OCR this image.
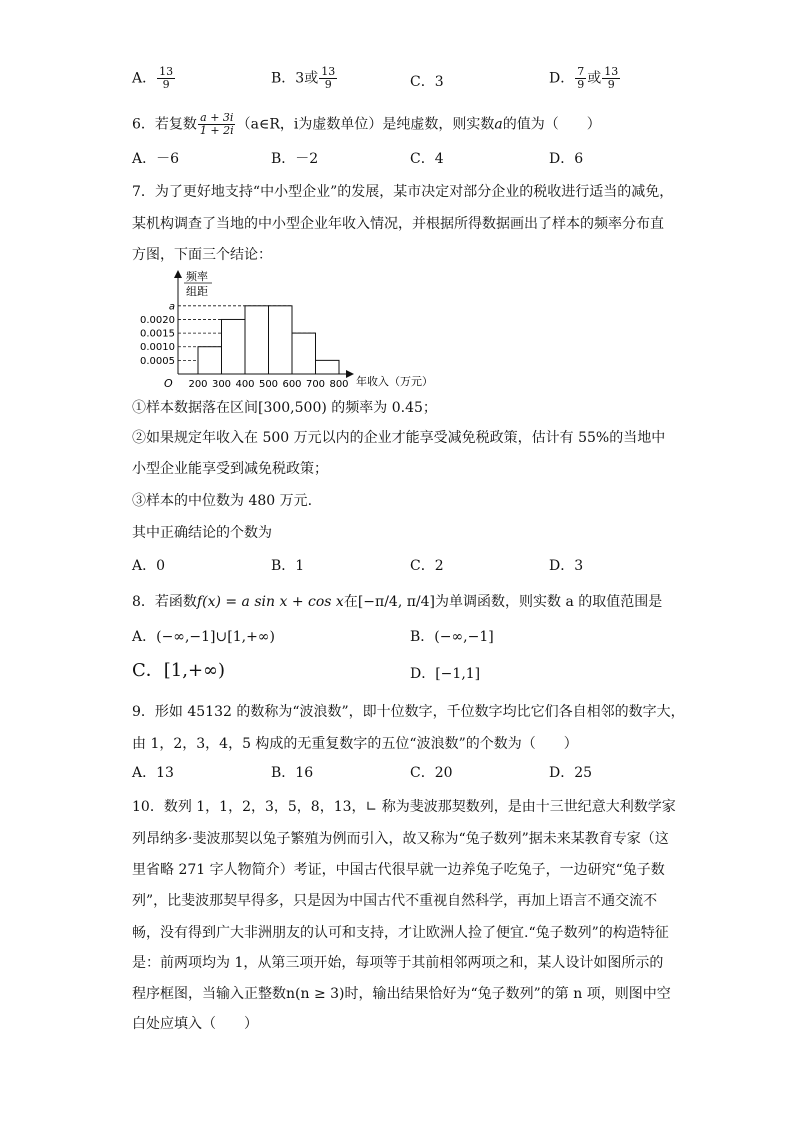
A． $\frac{13}{9}$	B．3或 $\frac{13}{9}$	C．3	D． $\frac{7}{9}$ 或 $\frac{13}{9}$
6．若复数 $\frac{a + 3i}{1 + 2i}$ （a∈R，i为虚数单位）是纯虚数，则实数a的值为（　　）
A．－6	B．－2	C．4	D．6
7．为了更好地支持“中小型企业”的发展，某市决定对部分企业的税收进行适当的减免，
某机构调查了当地的中小型企业年收入情况，并根据所得数据画出了样本的频率分布直
方图，下面三个结论：
频率
组距
O	年收入（万元）
0.0005
0.0010
0.0015
0.0020
a
200 300 400 500 600 700 800
①样本数据落在区间[300,500) 的频率为 0.45；
②如果规定年收入在 500 万元以内的企业才能享受减免税政策，估计有 55%的当地中
小型企业能享受到减免税政策；
③样本的中位数为 480 万元.
其中正确结论的个数为
A．0	B．1	C．2	D．3
8．若函数f(x) = a sin x + cos x在[−π/4, π/4]为单调函数，则实数 a 的取值范围是
A．(−∞,−1]∪[1,+∞)	B．(−∞,−1]
C．[1,+∞)	D．[−1,1]
9．形如 45132 的数称为“波浪数”，即十位数字，千位数字均比它们各自相邻的数字大，
由 1，2，3，4，5 构成的无重复数字的五位“波浪数”的个数为（　　）
A．13	B．16	C．20	D．25
10．数列 1，1，2，3，5，8，13，∟ 称为斐波那契数列，是由十三世纪意大利数学家
列昂纳多·斐波那契以兔子繁殖为例而引入，故又称为“兔子数列”据未来某教育专家（这
里省略 271 字人物简介）考证，中国古代很早就一边养兔子吃兔子，一边研究“兔子数
列”，比斐波那契早得多，只是因为中国古代不重视自然科学，再加上语言不通交流不
畅，没有得到广大非洲朋友的认可和支持，才让欧洲人捡了便宜.“兔子数列”的构造特征
是：前两项均为 1，从第三项开始，每项等于其前相邻两项之和，某人设计如图所示的
程序框图，当输入正整数n(n ≥ 3)时，输出结果恰好为“兔子数列”的第 n 项，则图中空
白处应填入（　　）
